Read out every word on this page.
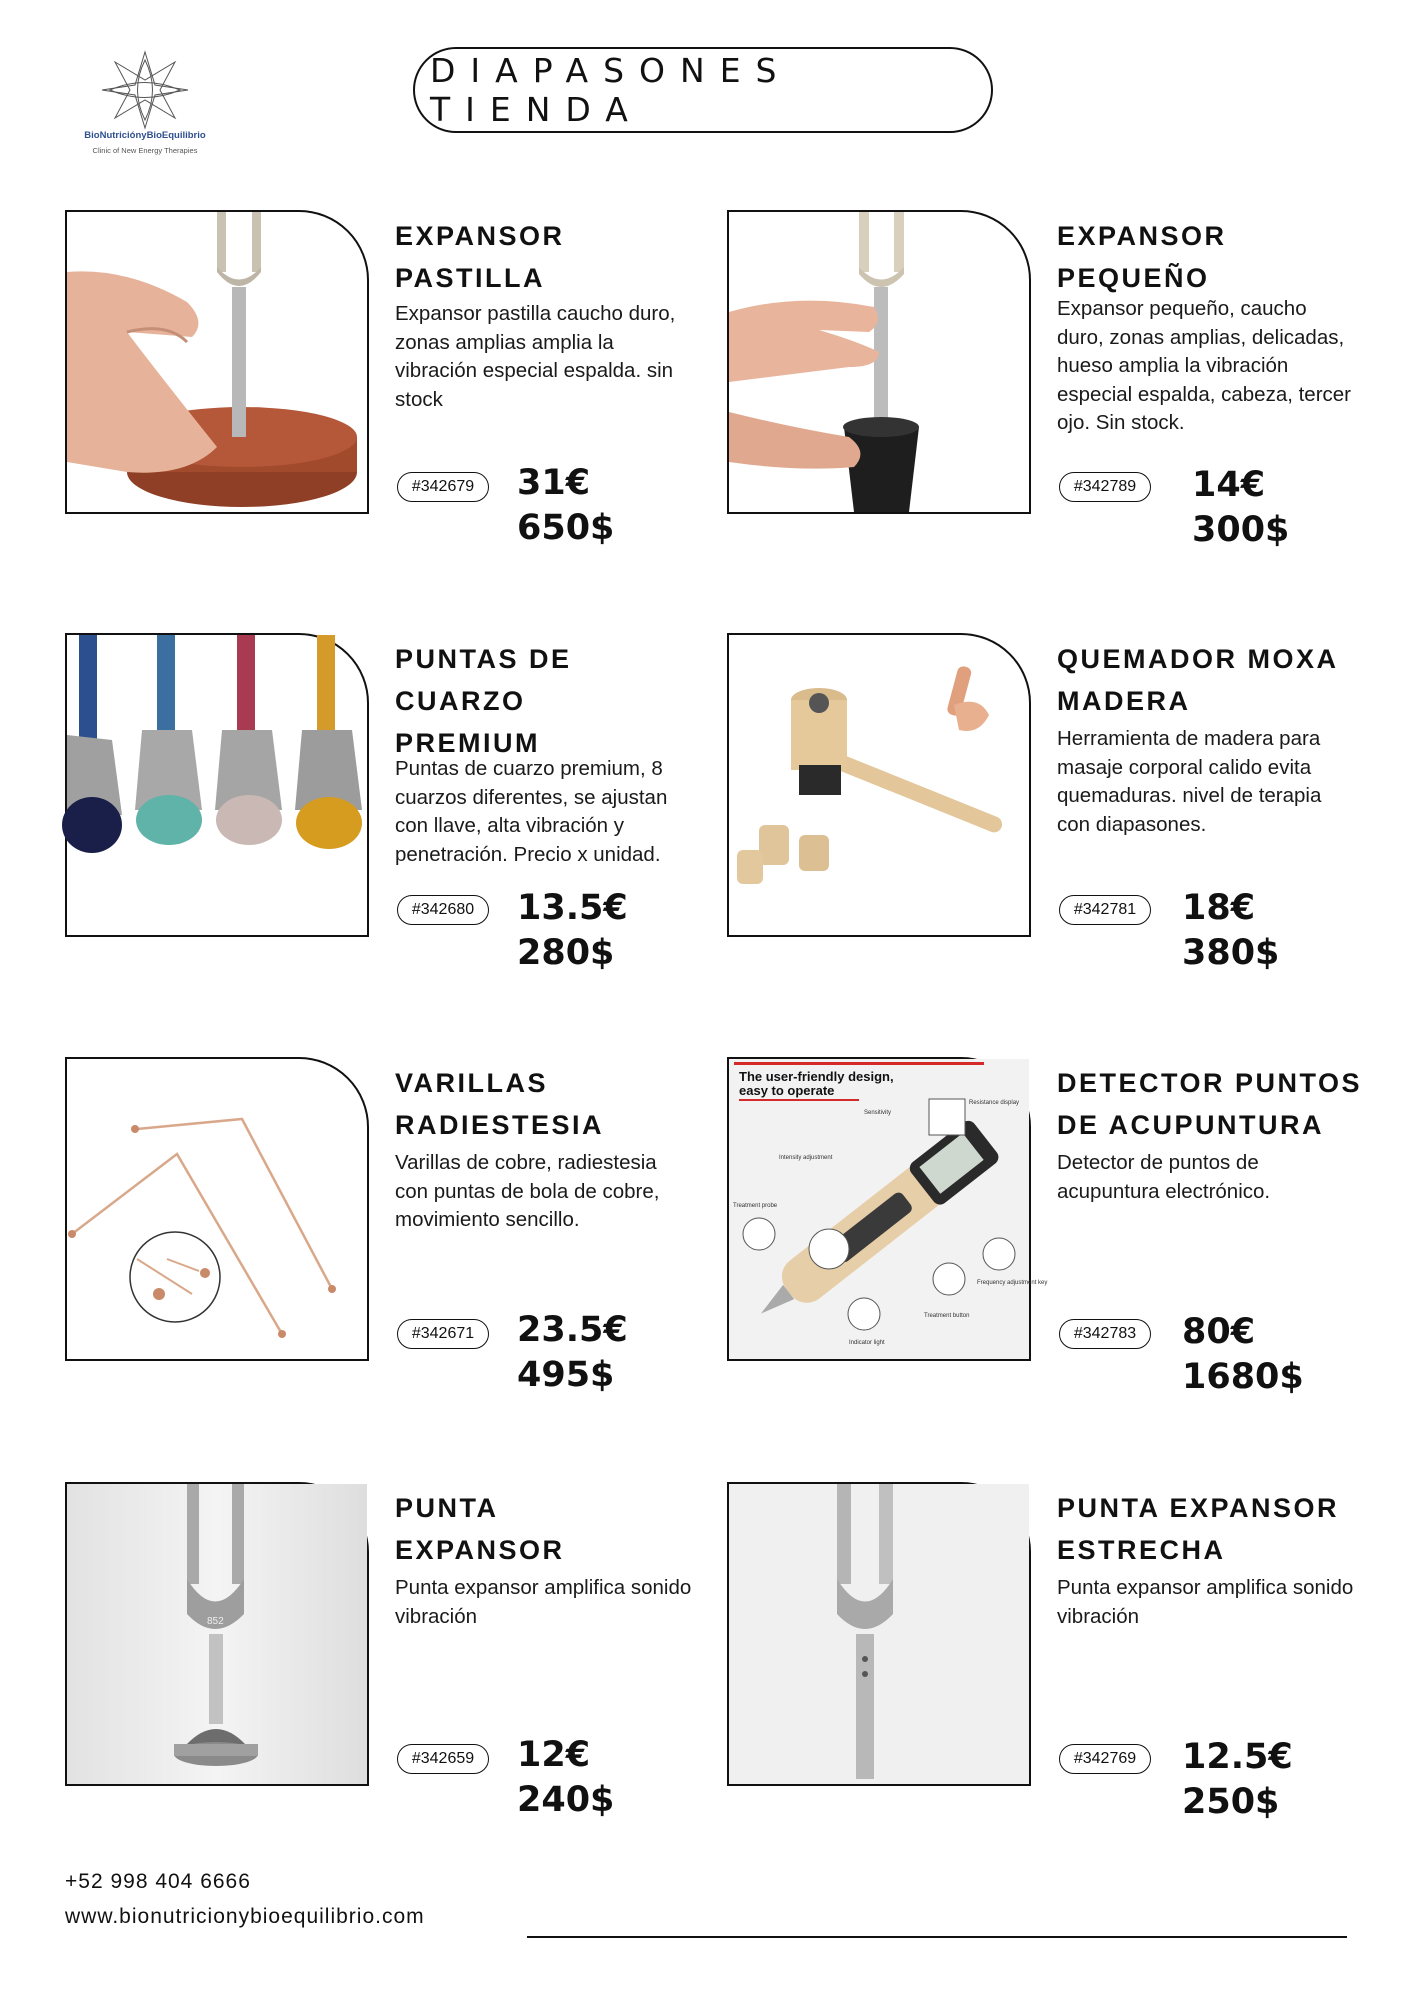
BioNutriciónyBioEquilibrio
Clinic of New Energy Therapies
DIAPASONES TIENDA
EXPANSOR
PASTILLA
Expansor pastilla caucho duro, zonas amplias amplia la vibración especial espalda. sin stock
#342679	31€
650$
EXPANSOR
PEQUEÑO
Expansor pequeño, caucho duro, zonas amplias, delicadas, hueso amplia la vibración especial espalda, cabeza, tercer ojo. Sin stock.
#342789	14€
300$
PUNTAS DE
CUARZO
PREMIUM
Puntas de cuarzo premium, 8 cuarzos diferentes, se ajustan con llave, alta vibración y penetración. Precio x unidad.
#342680	13.5€
280$
QUEMADOR MOXA
MADERA
Herramienta de madera para masaje corporal calido evita quemaduras. nivel de terapia con diapasones.
#342781	18€
380$
VARILLAS
RADIESTESIA
Varillas de cobre, radiestesia con puntas de bola de cobre, movimiento sencillo.
#342671	23.5€
495$
The user-friendly design,
easy to operate
Sensitivity
Resistance display
Intensity adjustment
Treatment probe
Frequency adjustment key
Treatment button
Indicator light
DETECTOR PUNTOS
DE ACUPUNTURA
Detector de puntos de acupuntura electrónico.
#342783	80€
1680$
852
PUNTA
EXPANSOR
Punta expansor amplifica sonido vibración
#342659	12€
240$
PUNTA EXPANSOR
ESTRECHA
Punta expansor amplifica sonido vibración
#342769	12.5€
250$
+52 998 404 6666
www.bionutricionybioequilibrio.com
